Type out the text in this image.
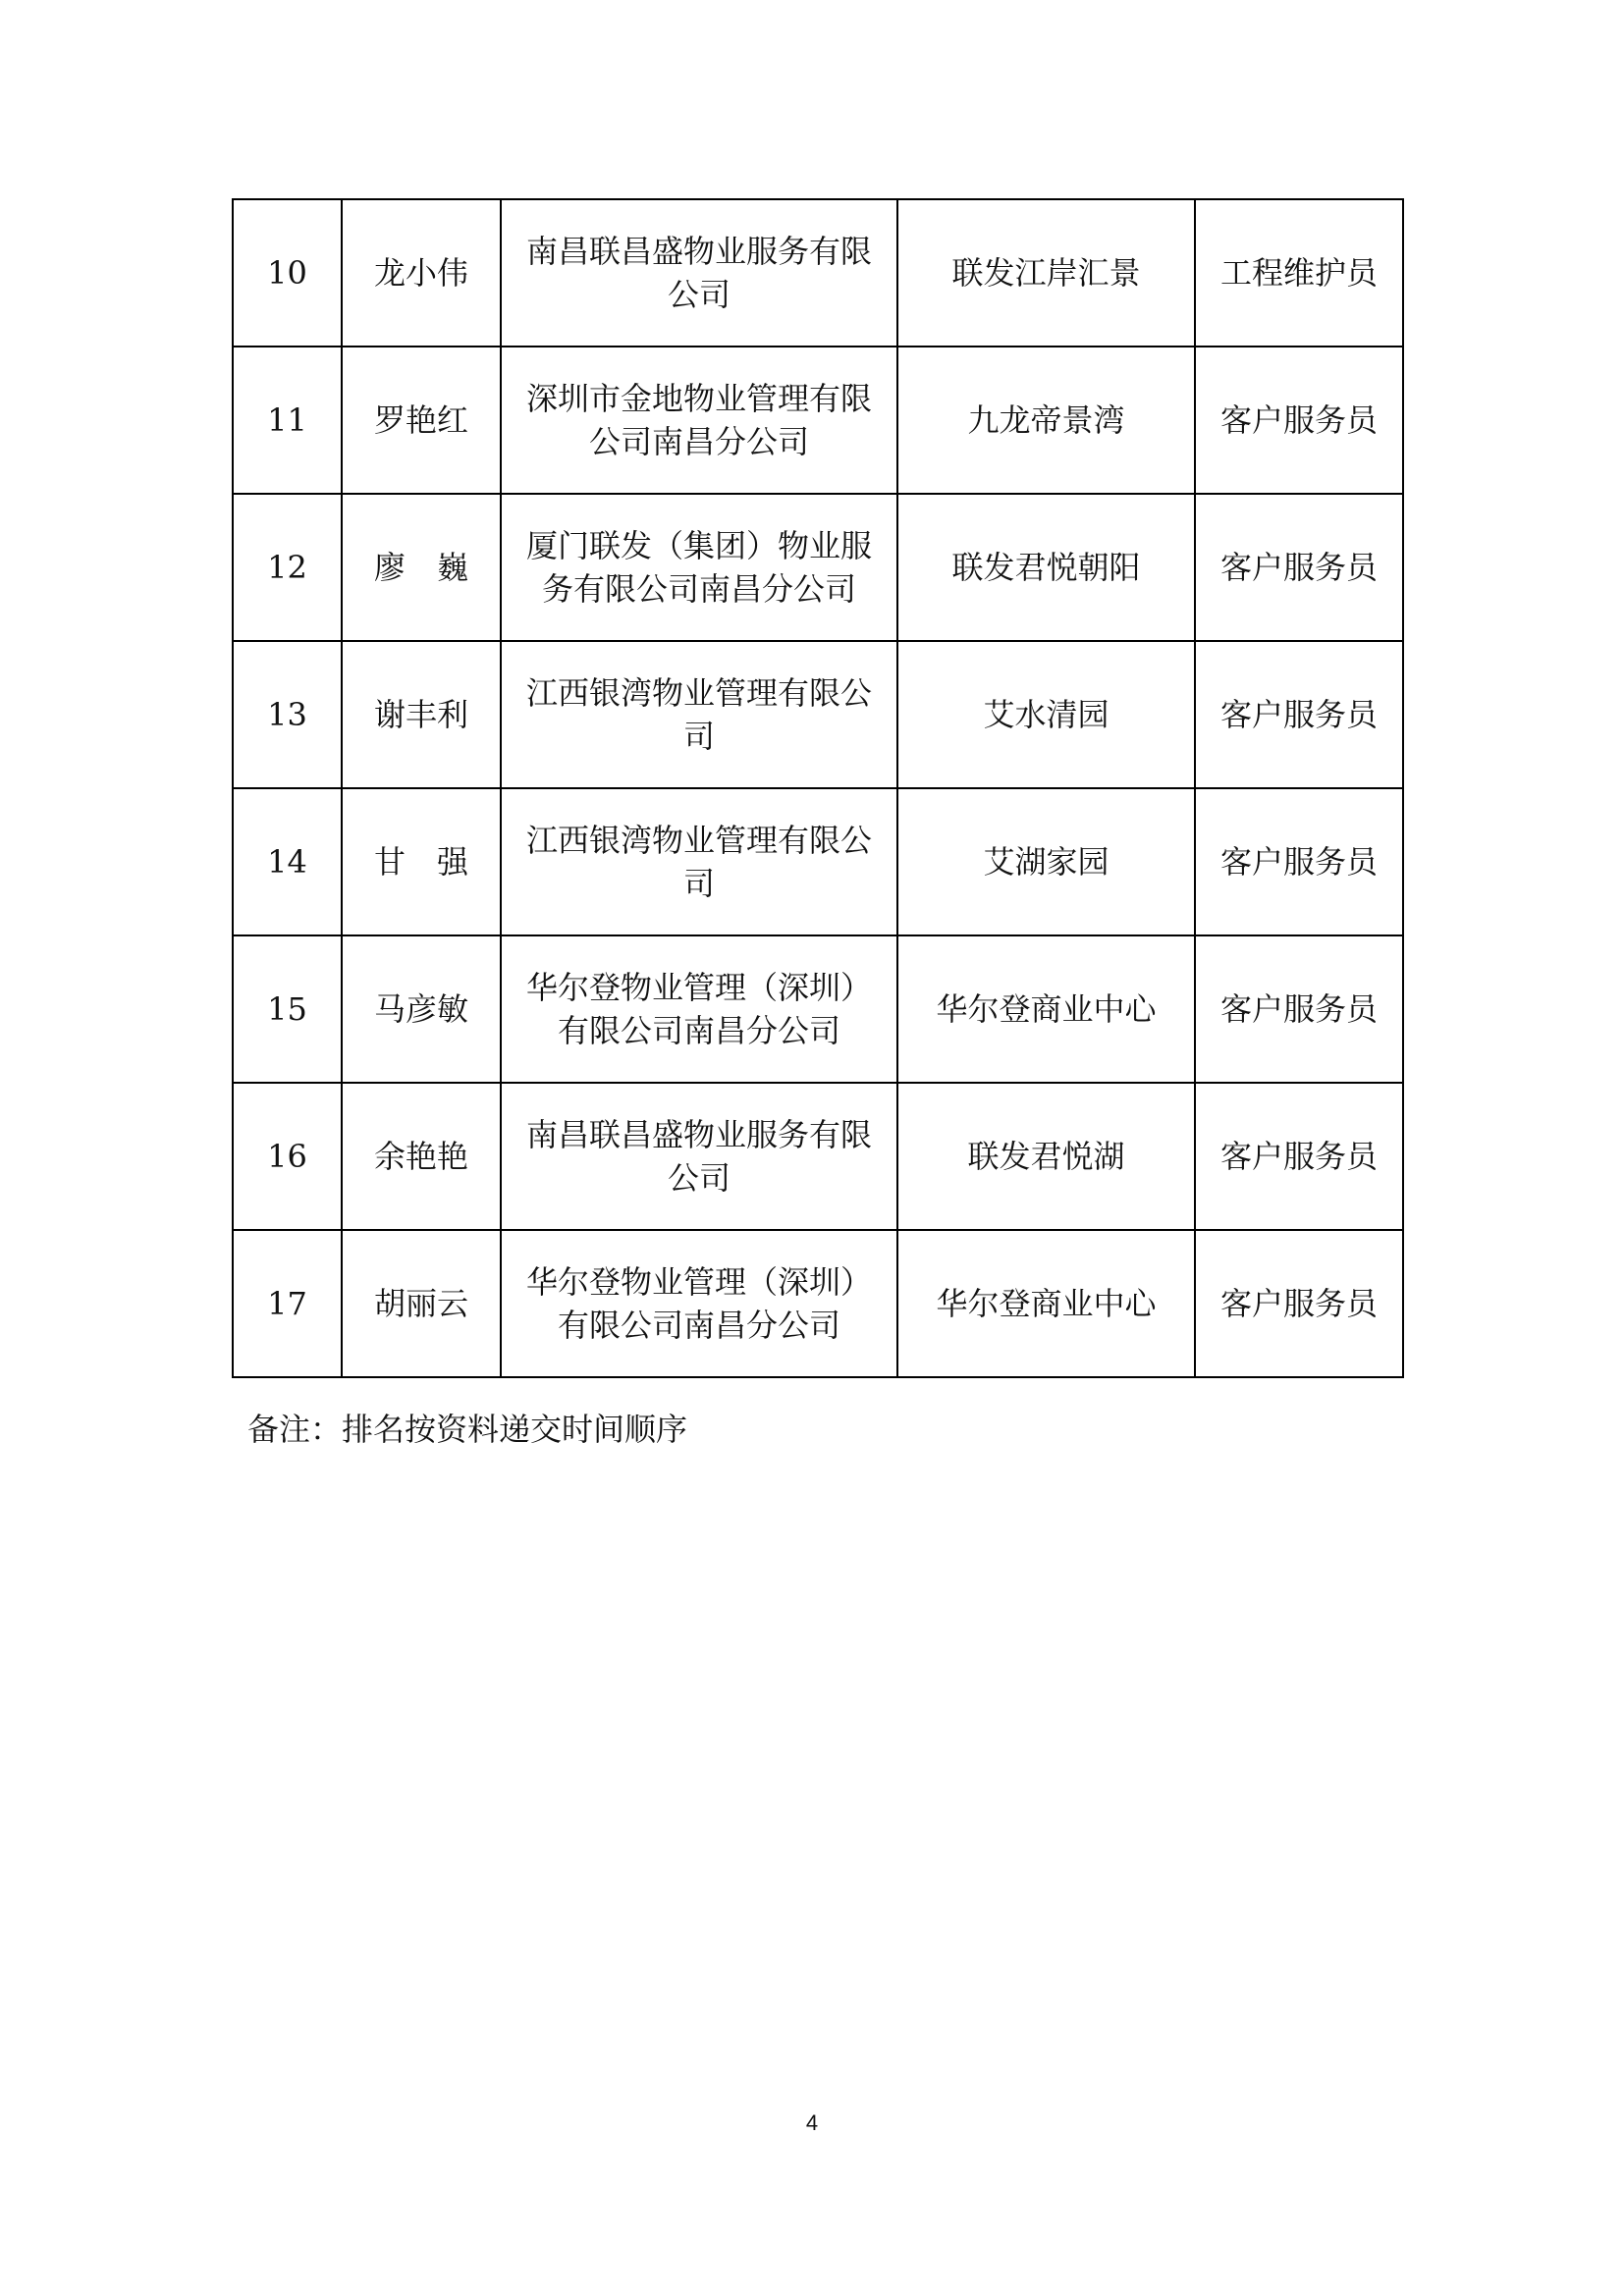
10	龙小伟	南昌联昌盛物业服务有限公司	联发江岸汇景	工程维护员
11	罗艳红	深圳市金地物业管理有限公司南昌分公司	九龙帝景湾	客户服务员
12	廖　巍	厦门联发（集团）物业服务有限公司南昌分公司	联发君悦朝阳	客户服务员
13	谢丰利	江西银湾物业管理有限公司	艾水清园	客户服务员
14	甘　强	江西银湾物业管理有限公司	艾湖家园	客户服务员
15	马彦敏	华尔登物业管理（深圳）有限公司南昌分公司	华尔登商业中心	客户服务员
16	余艳艳	南昌联昌盛物业服务有限公司	联发君悦湖	客户服务员
17	胡丽云	华尔登物业管理（深圳）有限公司南昌分公司	华尔登商业中心	客户服务员
备注：排名按资料递交时间顺序
4
